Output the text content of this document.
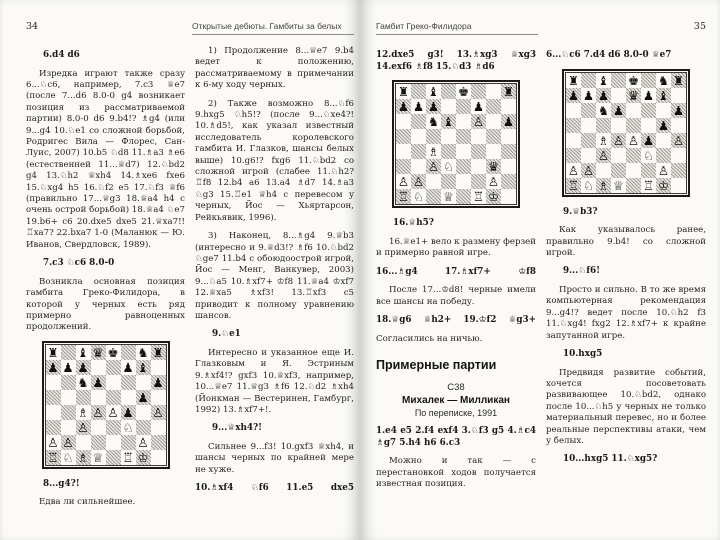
34	Открытые дебюты. Гамбиты за белых

6.d4 d6

Изредка играют также сразу 6...♘c6, например, 7.c3 ♕e7 (после 7...d6 8.0-0 g4 возникает позиция из рассматриваемой партии) 8.0-0 d6 9.b4!? ♗g4 (или 9...g4 10.♘e1 со сложной борьбой, Родригес Вила — Флорес, Сан-Луис, 2007) 10.b5 ♘d8 11.♗a3 ♗e6 (естественней 11...♕d7) 12.♘bd2 g4 13.♘h2 ♕xh4 14.♗xe6 fxe6 15.♘xg4 h5 16.♘f2 e5 17.♘f3 ♕f6 (правильно 17...♕g3 18.♕a4 h4 с очень острой борьбой) 18.♕a4 ♘e7 19.b6+ c6 20.dxe5 dxe5 21.♕xa7!! ♖xa7? 22.bxa7 1-0 (Маланюк — Ю. Иванов, Свердловск, 1989).

7.c3 ♘c6 8.0-0

Возникла основная позиция гамбита Греко-Филидора, в которой у черных есть ряд примерно равноценных продолжений.

♜ ♝ ♛ ♚ ♞ ♜
♟ ♟ ♟	♟ ♝
♞ ♟	♟
♟
♗ ♙ ♙ ♟ ♙
♙	♘
♙ ♙	♙
♖ ♘ ♗ ♕ ♖ ♔

8...g4?!

Едва ли сильнейшее.

1) Продолжение 8...♕e7 9.b4 ведет к положению, рассматриваемому в примечании к 6-му ходу черных.

2) Также возможно 8...♘f6 9.hxg5 ♘h5!? (после 9...♘xe4?! 10.♗d5!, как указал известный исследователь королевского гамбита И. Глазков, шансы белых выше) 10.g6!? fxg6 11.♘bd2 со сложной игрой (слабее 11.♘h2? ♖f8 12.b4 a6 13.a4 ♗d7 14.♗a3 ♘g3 15.♖e1 ♕h4 с перевесом у черных, Йос — Хьяртарсон, Рейкьявик, 1996).

3) Наконец, 8...♗g4 9.♕b3 (интересно и 9.♕d3!? ♗f6 10.♘bd2 ♘ge7 11.b4 с обоюдоострой игрой, Йос — Менг, Ванкувер, 2003) 9...♘a5 10.♗xf7+ ♔f8 11.♕a4 ♔xf7 12.♕xa5 ♗xf3! 13.♖xf3 c5 приводит к полному уравнению шансов.

9.♘e1

Интересно и указанное еще И. Глазковым и Я. Эстриным 9.♗xf4!? gxf3 10.♕xf3, например, 10...♕e7 11.♕g3 ♗f6 12.♘d2 ♗xh4 (Йонкман — Вестеринен, Гамбург, 1992) 13.♗xf7+!.

9...♕xh4?!

Сильнее 9...f3! 10.gxf3 ♕xh4, и шансы черных по крайней мере не хуже.

10.♗xf4 ♘f6 11.e5 dxe5

Гамбит Греко-Филидора	35

12.dxe5 g3! 13.♗xg3 ♕xg3 14.exf6 ♗f8 15.♘d3 ♗d6

♜ ♝ ♚	♜
♟ ♟ ♟	♟
♞ ♝ ♙ ♟
♗
♙ ♘	♛
♙ ♙	♙
♖ ♘ ♕ ♖ ♔

16.♕h5?

16.♕e1+ вело к размену ферзей и примерно равной игре.

16...♗g4 17.♗xf7+ ♔f8

После 17...♔d8! черные имели все шансы на победу.

18.♕g6 ♕h2+ 19.♔f2 ♕g3+

Согласились на ничью.

Примерные партии

С38

Михалек — Милликан

По переписке, 1991

1.e4 e5 2.f4 exf4 3.♘f3 g5 4.♗c4 ♗g7 5.h4 h6 6.c3

Можно и так — с перестановкой ходов получается известная позиция.

6...♘c6 7.d4 d6 8.0-0 ♕e7

♜ ♝ ♚ ♞ ♜
♟ ♟ ♟ ♛ ♟ ♝
♞ ♟	♟
♟
♗ ♙ ♙ ♟ ♙
♙	♘
♙ ♙	♙
♖ ♘ ♗ ♕ ♖ ♔

9.♕b3?

Как указывалось ранее, правильно 9.b4! со сложной игрой.

9...♘f6!

Просто и сильно. В то же время компьютерная рекомендация 9...g4!? ведет после 10.♘h2 f3 11.♘xg4! fxg2 12.♗xf7+ к крайне запутанной игре.

10.hxg5

Предвидя развитие событий, хочется посоветовать развивающее 10.♘bd2, однако после 10...♘h5 у черных не только материальный перевес, но и более реальные перспективы атаки, чем у белых.

10...hxg5 11.♘xg5?
